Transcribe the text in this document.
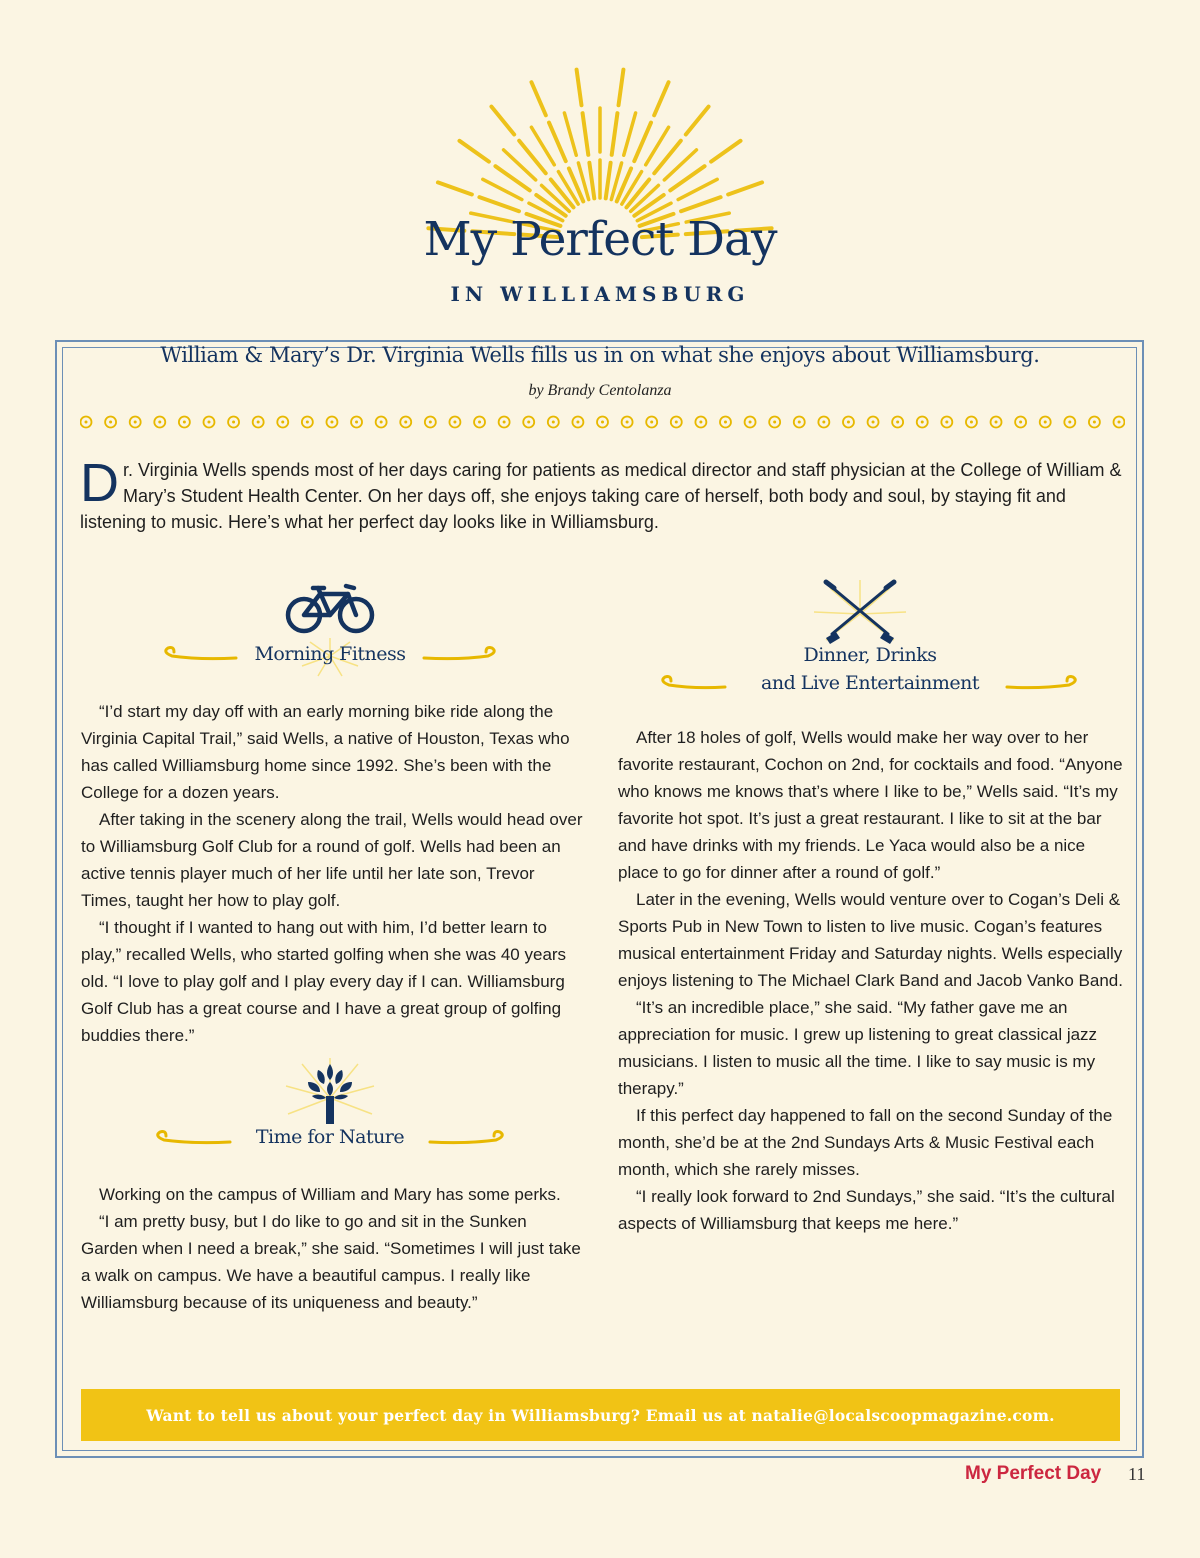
My Perfect Day
IN WILLIAMSBURG
William & Mary’s Dr. Virginia Wells fills us in on what she enjoys about Williamsburg.
by Brandy Centolanza

Dr. Virginia Wells spends most of her days caring for patients as medical director and staff physician at the College of William & Mary’s Student Health Center. On her days off, she enjoys taking care of herself, both body and soul, by staying fit and listening to music. Here’s what her perfect day looks like in Williamsburg.

Morning Fitness

“I’d start my day off with an early morning bike ride along the Virginia Capital Trail,” said Wells, a native of Houston, Texas who has called Williamsburg home since 1992. She’s been with the College for a dozen years.

After taking in the scenery along the trail, Wells would head over to Williamsburg Golf Club for a round of golf. Wells had been an active tennis player much of her life until her late son, Trevor Times, taught her how to play golf.

“I thought if I wanted to hang out with him, I’d better learn to play,” recalled Wells, who started golfing when she was 40 years old. “I love to play golf and I play every day if I can. Williamsburg Golf Club has a great course and I have a great group of golfing buddies there.”

Time for Nature

Working on the campus of William and Mary has some perks.

“I am pretty busy, but I do like to go and sit in the Sunken Garden when I need a break,” she said. “Sometimes I will just take a walk on campus. We have a beautiful campus. I really like Williamsburg because of its uniqueness and beauty.”

Dinner, Drinks
and Live Entertainment

After 18 holes of golf, Wells would make her way over to her favorite restaurant, Cochon on 2nd, for cocktails and food. “Anyone who knows me knows that’s where I like to be,” Wells said. “It’s my favorite hot spot. It’s just a great restaurant. I like to sit at the bar and have drinks with my friends. Le Yaca would also be a nice place to go for dinner after a round of golf.”

Later in the evening, Wells would venture over to Cogan’s Deli & Sports Pub in New Town to listen to live music. Cogan’s features musical entertainment Friday and Saturday nights. Wells especially enjoys listening to The Michael Clark Band and Jacob Vanko Band.

“It’s an incredible place,” she said. “My father gave me an appreciation for music. I grew up listening to great classical jazz musicians. I listen to music all the time. I like to say music is my therapy.”

If this perfect day happened to fall on the second Sunday of the month, she’d be at the 2nd Sundays Arts & Music Festival each month, which she rarely misses.

“I really look forward to 2nd Sundays,” she said. “It’s the cultural aspects of Williamsburg that keeps me here.”

Want to tell us about your perfect day in Williamsburg? Email us at natalie@localscoopmagazine.com.
My Perfect Day 11
